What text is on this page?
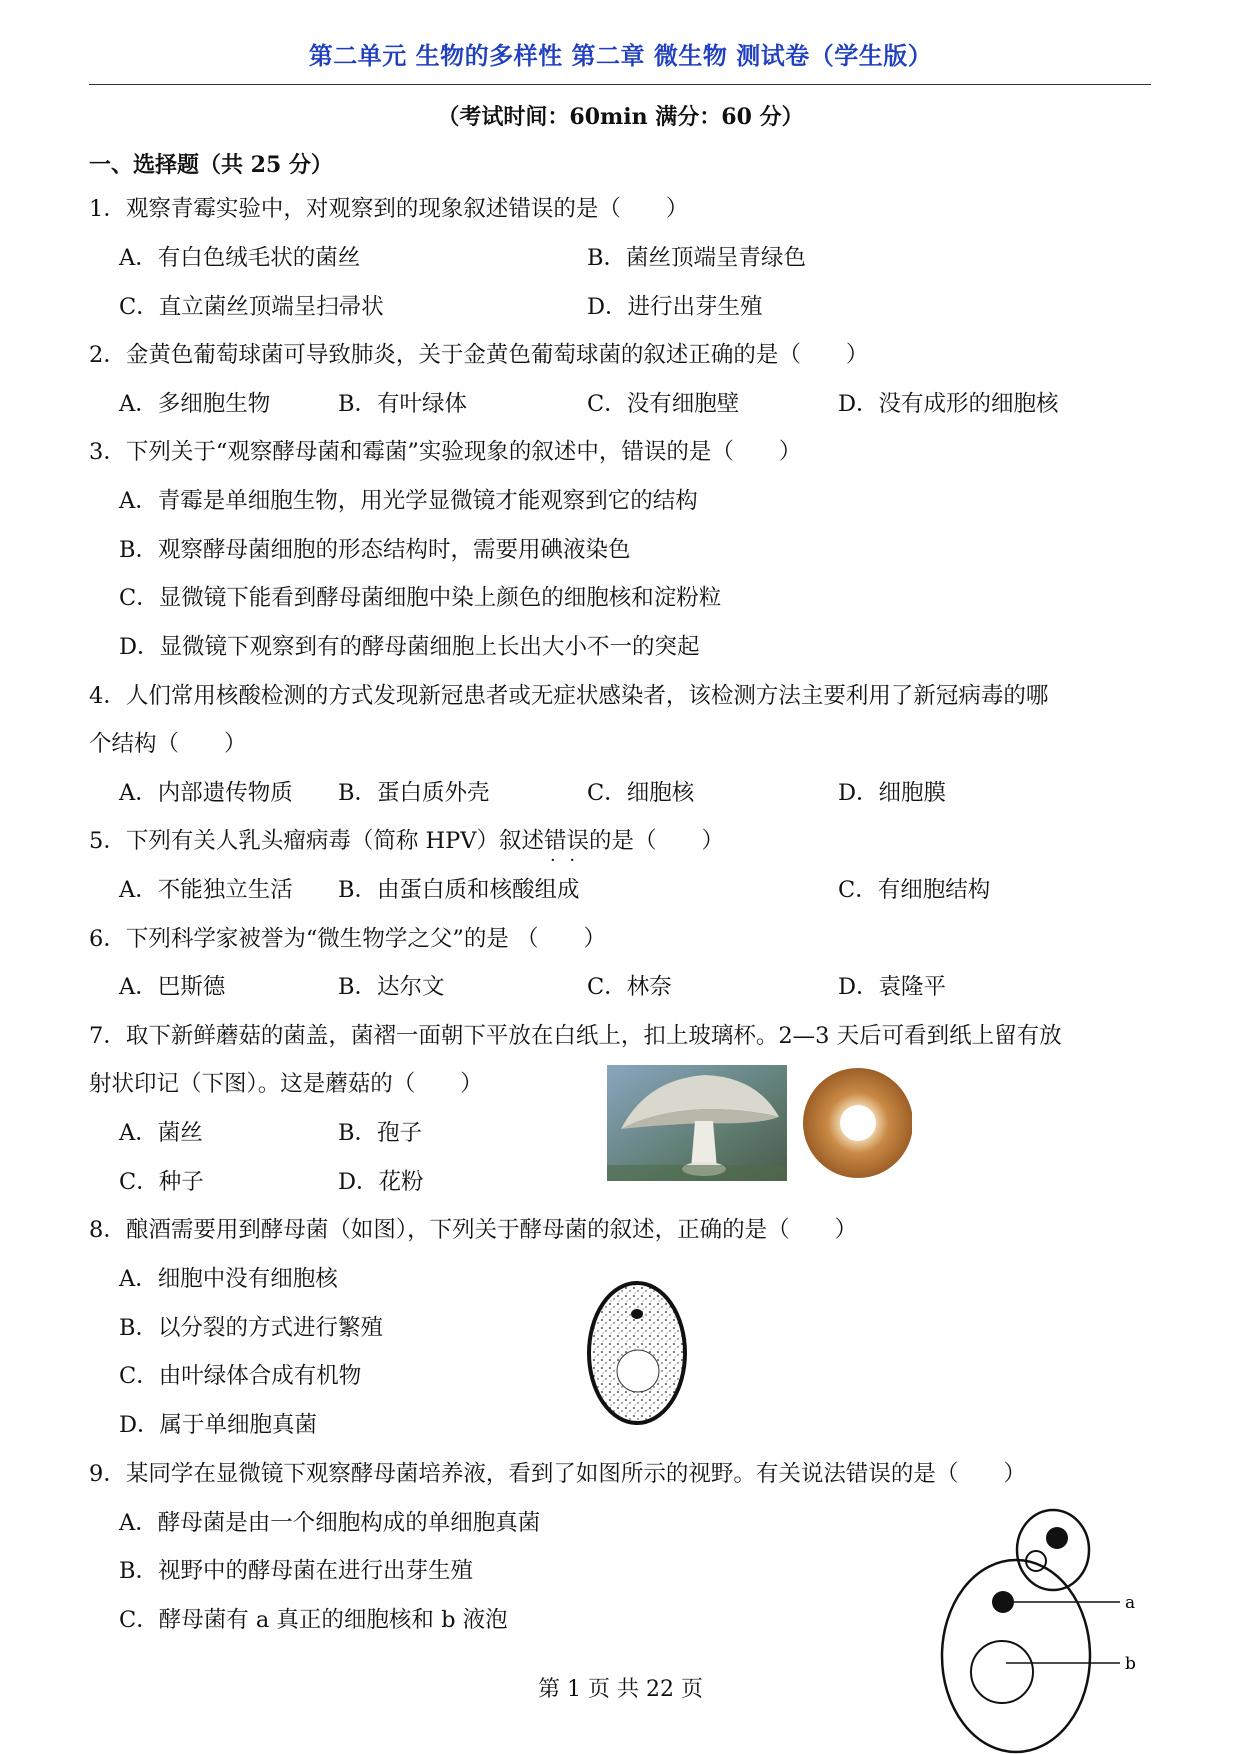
第二单元 生物的多样性 第二章 微生物 测试卷（学生版）
（考试时间：60min 满分：60 分）
一、选择题（共 25 分）
1．观察青霉实验中，对观察到的现象叙述错误的是（　　）
A．有白色绒毛状的菌丝	B．菌丝顶端呈青绿色
C．直立菌丝顶端呈扫帚状	D．进行出芽生殖
2．金黄色葡萄球菌可导致肺炎，关于金黄色葡萄球菌的叙述正确的是（　　）
A．多细胞生物	B．有叶绿体	C．没有细胞壁	D．没有成形的细胞核
3．下列关于“观察酵母菌和霉菌”实验现象的叙述中，错误的是（　　）
A．青霉是单细胞生物，用光学显微镜才能观察到它的结构
B．观察酵母菌细胞的形态结构时，需要用碘液染色
C．显微镜下能看到酵母菌细胞中染上颜色的细胞核和淀粉粒
D．显微镜下观察到有的酵母菌细胞上长出大小不一的突起
4．人们常用核酸检测的方式发现新冠患者或无症状感染者，该检测方法主要利用了新冠病毒的哪
个结构（　　）
A．内部遗传物质 B．蛋白质外壳	C．细胞核	D．细胞膜
5．下列有关人乳头瘤病毒（简称 HPV）叙述错误 · ·的是（　　）
A．不能独立生活 B．由蛋白质和核酸组成	C．有细胞结构
6．下列科学家被誉为“微生物学之父”的是 （　　）
A．巴斯德	B．达尔文	C．林奈	D．袁隆平
7．取下新鲜蘑菇的菌盖，菌褶一面朝下平放在白纸上，扣上玻璃杯。2—3 天后可看到纸上留有放
射状印记（下图）。这是蘑菇的（　　）
A．菌丝	B．孢子
C．种子	D．花粉
8．酿酒需要用到酵母菌（如图），下列关于酵母菌的叙述，正确的是（　　）
A．细胞中没有细胞核
B．以分裂的方式进行繁殖
C．由叶绿体合成有机物
D．属于单细胞真菌
9．某同学在显微镜下观察酵母菌培养液，看到了如图所示的视野。有关说法错误的是（　　）
A．酵母菌是由一个细胞构成的单细胞真菌
B．视野中的酵母菌在进行出芽生殖
C．酵母菌有 a 真正的细胞核和 b 液泡
a
b
第 1 页 共 22 页
